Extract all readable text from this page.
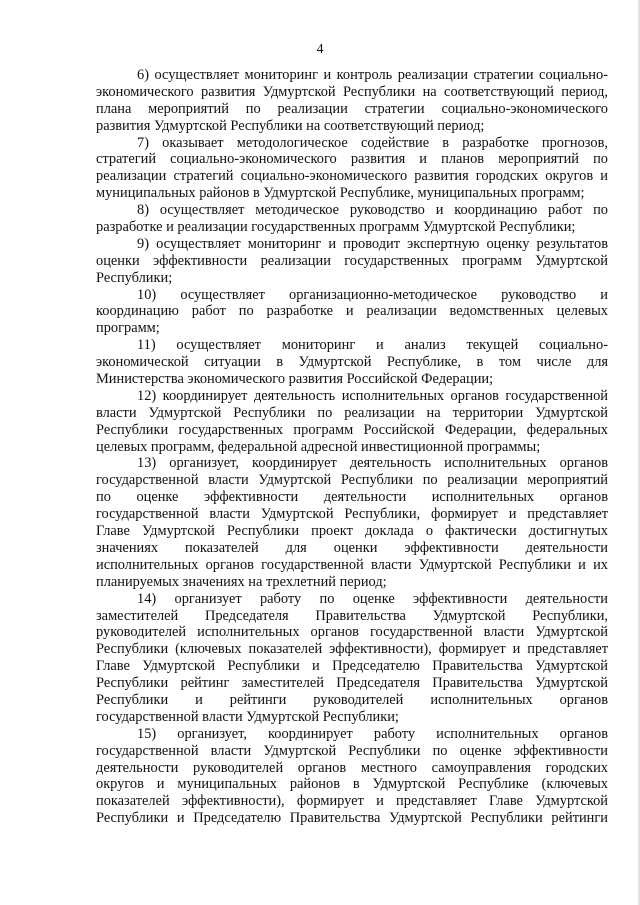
4
6) осуществляет мониторинг и контроль реализации стратегии социально-
экономического развития Удмуртской Республики на соответствующий период,
плана мероприятий по реализации стратегии социально-экономического
развития Удмуртской Республики на соответствующий период;
7) оказывает методологическое содействие в разработке прогнозов,
стратегий социально-экономического развития и планов мероприятий по
реализации стратегий социально-экономического развития городских округов и
муниципальных районов в Удмуртской Республике, муниципальных программ;
8) осуществляет методическое руководство и координацию работ по
разработке и реализации государственных программ Удмуртской Республики;
9) осуществляет мониторинг и проводит экспертную оценку результатов
оценки эффективности реализации государственных программ Удмуртской
Республики;
10) осуществляет организационно-методическое руководство и
координацию работ по разработке и реализации ведомственных целевых
программ;
11) осуществляет мониторинг и анализ текущей социально-
экономической ситуации в Удмуртской Республике, в том числе для
Министерства экономического развития Российской Федерации;
12) координирует деятельность исполнительных органов государственной
власти Удмуртской Республики по реализации на территории Удмуртской
Республики государственных программ Российской Федерации, федеральных
целевых программ, федеральной адресной инвестиционной программы;
13) организует, координирует деятельность исполнительных органов
государственной власти Удмуртской Республики по реализации мероприятий
по оценке эффективности деятельности исполнительных органов
государственной власти Удмуртской Республики, формирует и представляет
Главе Удмуртской Республики проект доклада о фактически достигнутых
значениях показателей для оценки эффективности деятельности
исполнительных органов государственной власти Удмуртской Республики и их
планируемых значениях на трехлетний период;
14) организует работу по оценке эффективности деятельности
заместителей Председателя Правительства Удмуртской Республики,
руководителей исполнительных органов государственной власти Удмуртской
Республики (ключевых показателей эффективности), формирует и представляет
Главе Удмуртской Республики и Председателю Правительства Удмуртской
Республики рейтинг заместителей Председателя Правительства Удмуртской
Республики и рейтинги руководителей исполнительных органов
государственной власти Удмуртской Республики;
15) организует, координирует работу исполнительных органов
государственной власти Удмуртской Республики по оценке эффективности
деятельности руководителей органов местного самоуправления городских
округов и муниципальных районов в Удмуртской Республике (ключевых
показателей эффективности), формирует и представляет Главе Удмуртской
Республики и Председателю Правительства Удмуртской Республики рейтинги
